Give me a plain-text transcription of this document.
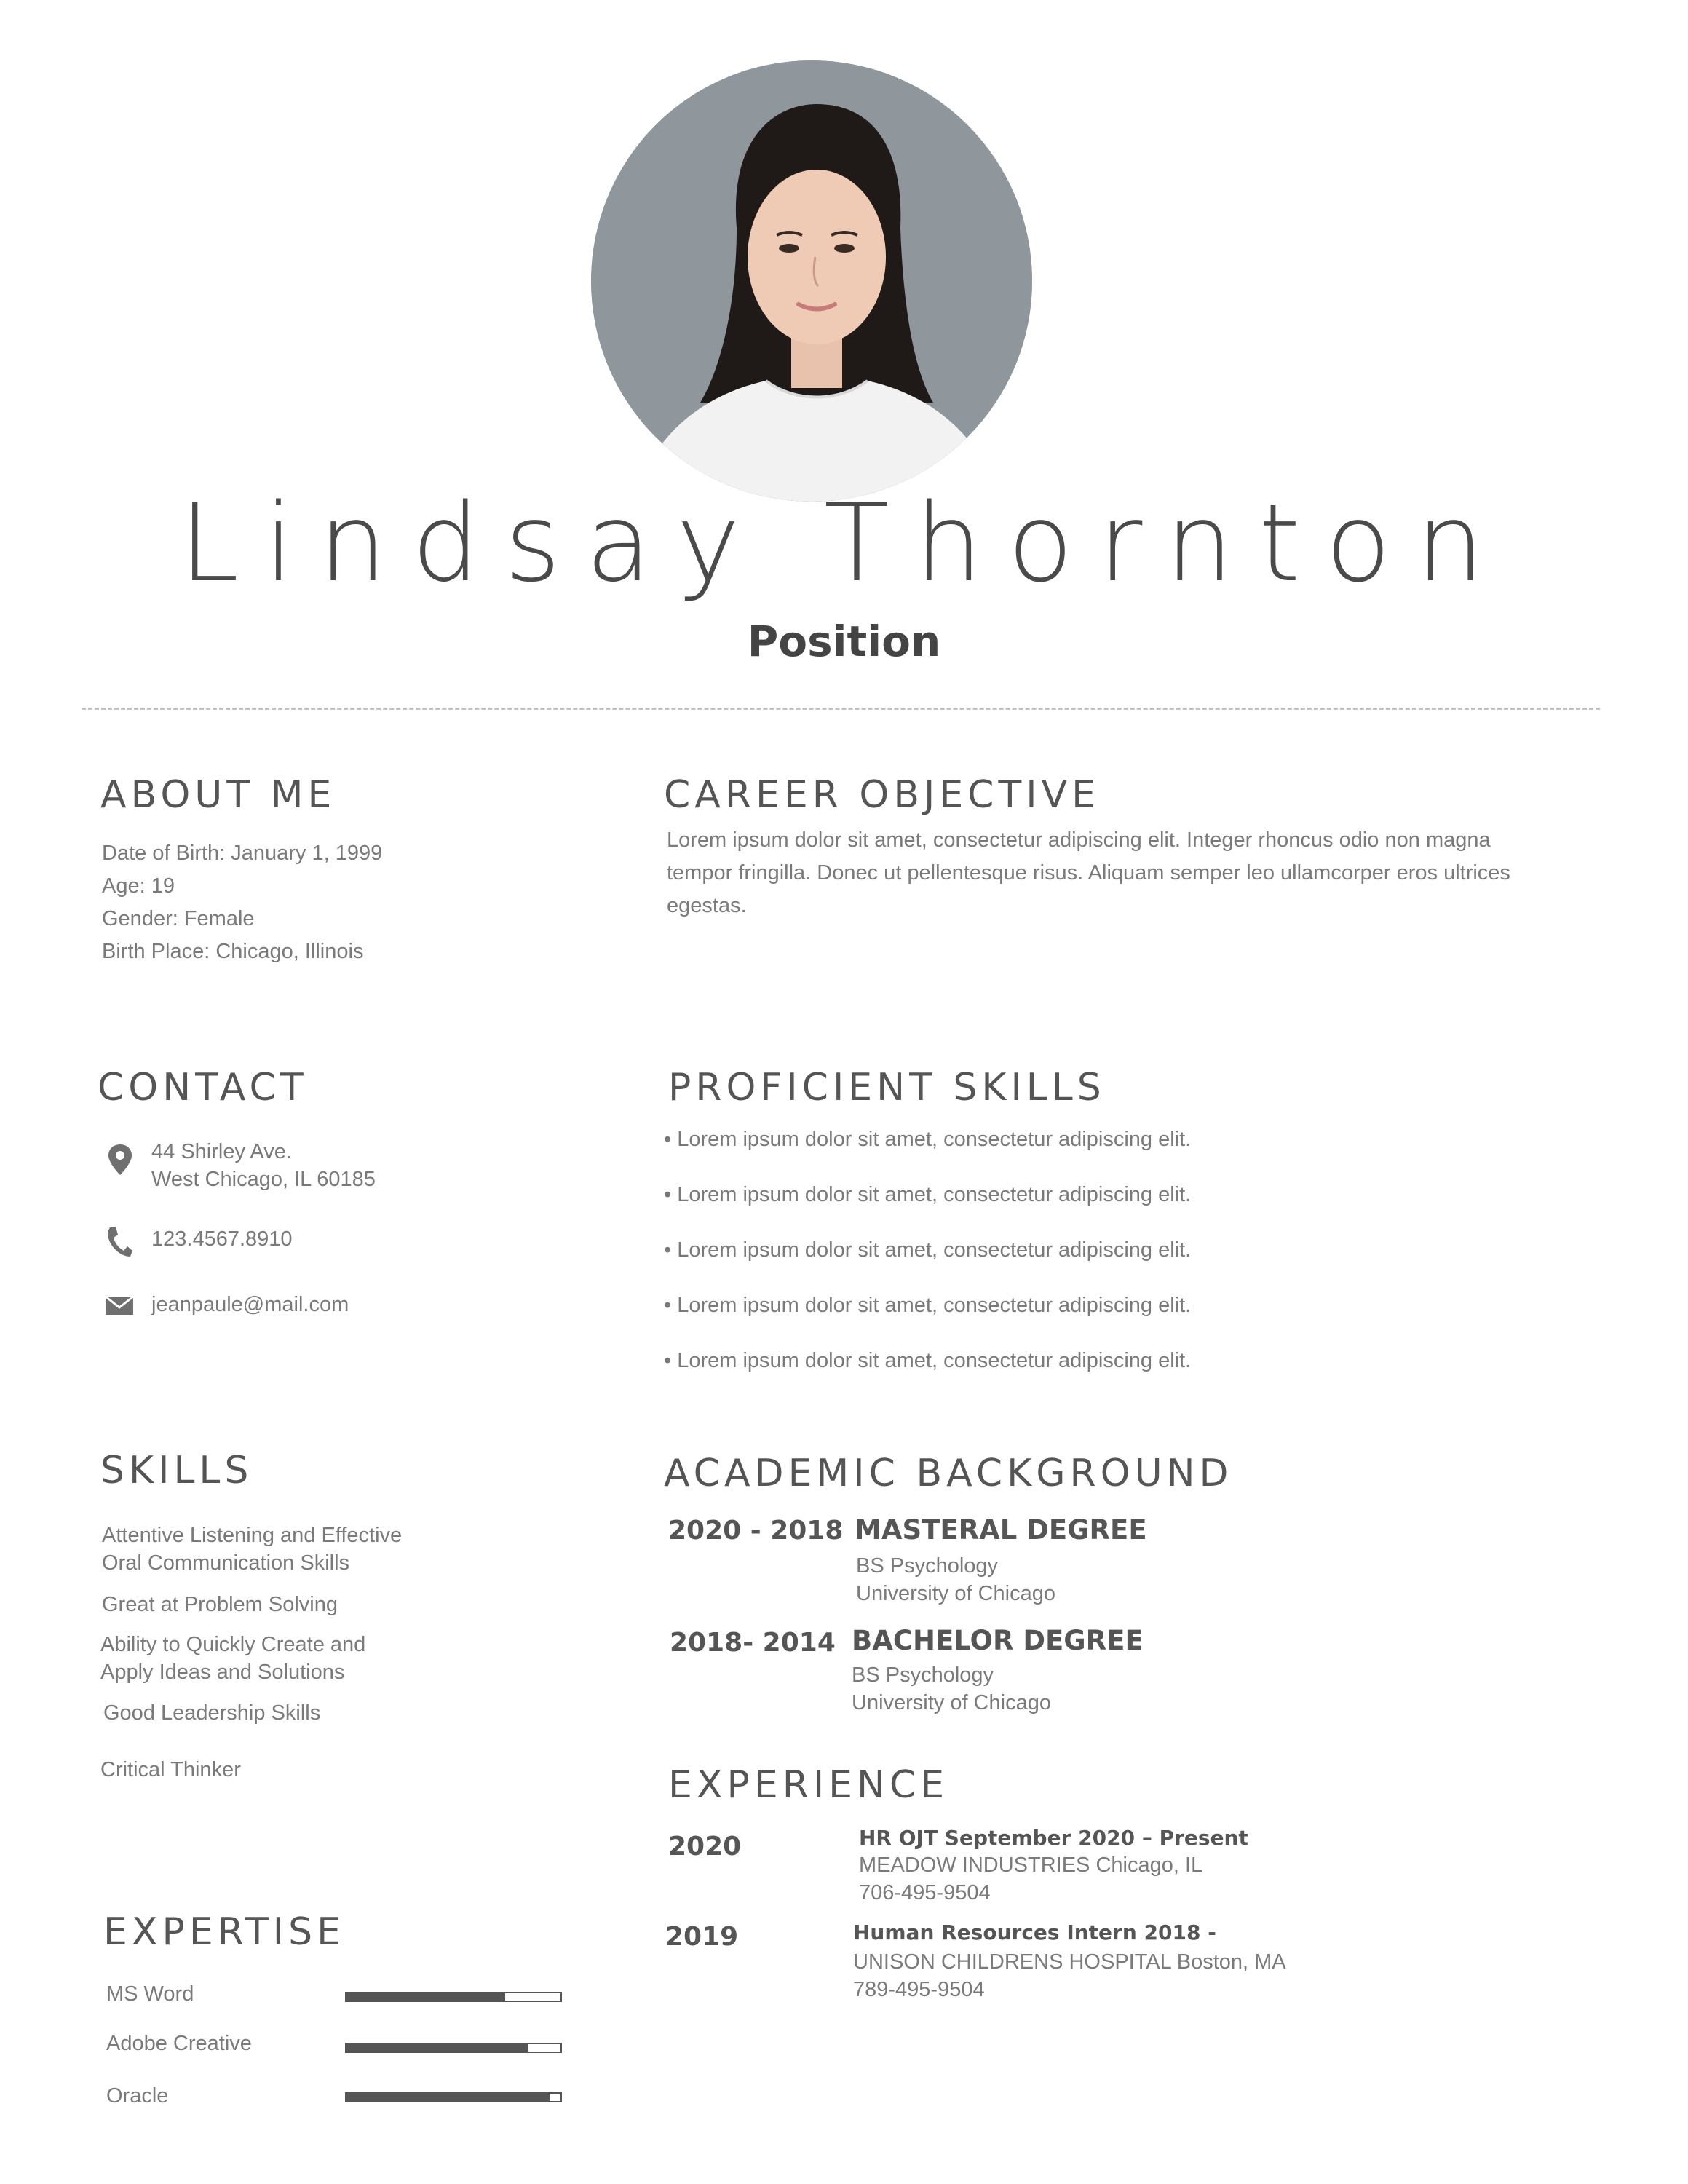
Lindsay Thornton
Position
ABOUT ME
Date of Birth: January 1, 1999
Age: 19
Gender: Female
Birth Place: Chicago, Illinois
CAREER OBJECTIVE
Lorem ipsum dolor sit amet, consectetur adipiscing elit. Integer rhoncus odio non magna
tempor fringilla. Donec ut pellentesque risus. Aliquam semper leo ullamcorper eros ultrices
egestas.
CONTACT
44 Shirley Ave.
West Chicago, IL 60185
123.4567.8910
jeanpaule@mail.com
PROFICIENT SKILLS
• Lorem ipsum dolor sit amet, consectetur adipiscing elit.
• Lorem ipsum dolor sit amet, consectetur adipiscing elit.
• Lorem ipsum dolor sit amet, consectetur adipiscing elit.
• Lorem ipsum dolor sit amet, consectetur adipiscing elit.
• Lorem ipsum dolor sit amet, consectetur adipiscing elit.
SKILLS
Attentive Listening and Effective
Oral Communication Skills
Great at Problem Solving
Ability to Quickly Create and
Apply Ideas and Solutions
Good Leadership Skills
Critical Thinker
ACADEMIC BACKGROUND
2020 - 2018 MASTERAL DEGREE
BS Psychology
University of Chicago
2018- 2014 BACHELOR DEGREE
BS Psychology
University of Chicago
EXPERIENCE
2020	HR OJT September 2020 – Present
MEADOW INDUSTRIES Chicago, IL
706-495-9504
2019	Human Resources Intern 2018 -
UNISON CHILDRENS HOSPITAL Boston, MA
789-495-9504
EXPERTISE
MS Word
Adobe Creative
Oracle
